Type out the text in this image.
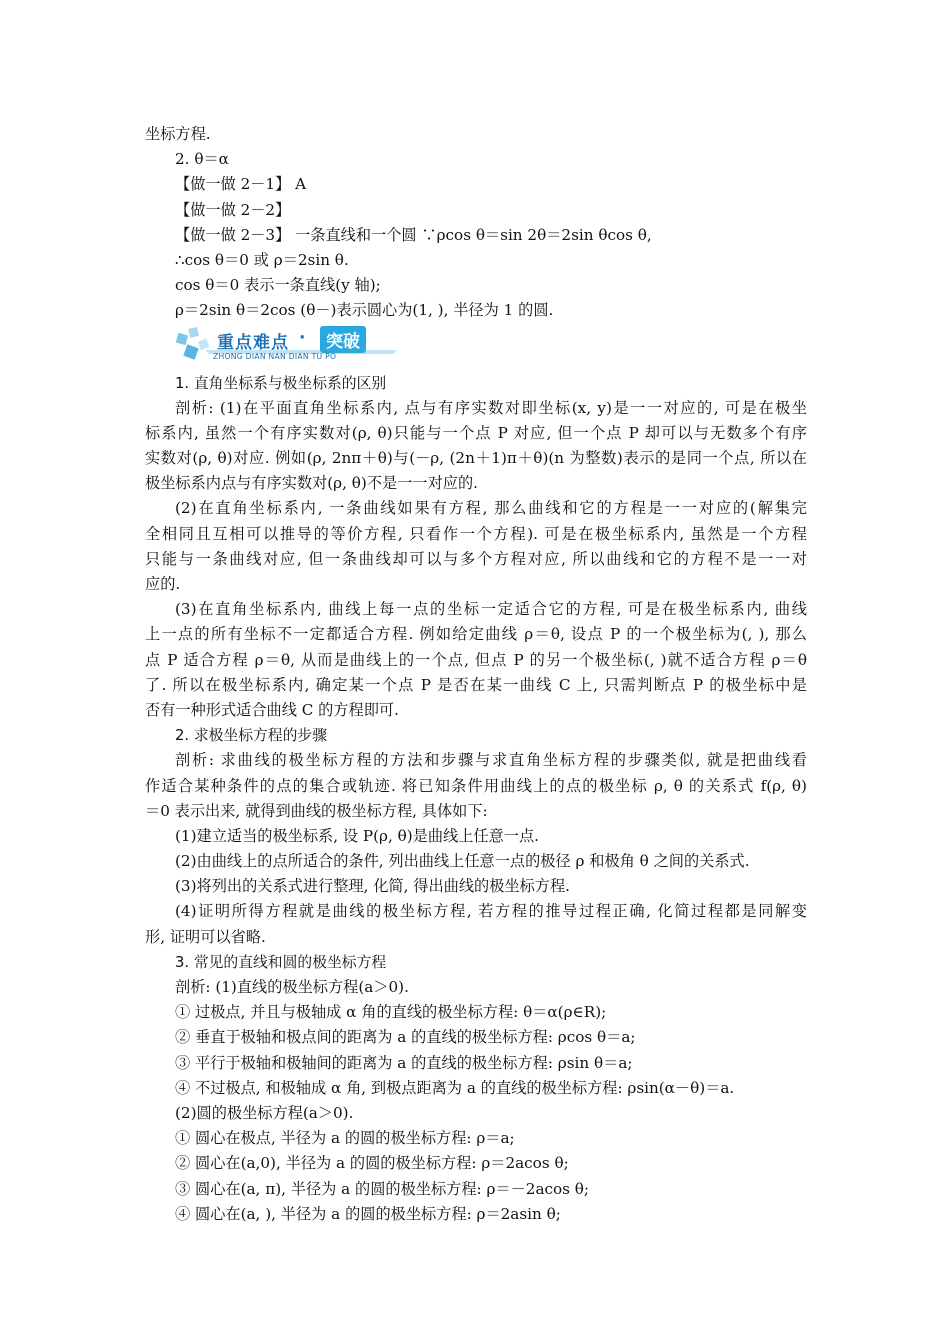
坐标方程.
2. θ＝α
【做一做 2－1】 A
【做一做 2－2】
【做一做 2－3】 一条直线和一个圆 ∵ρcos θ＝sin 2θ＝2sin θcos θ,
∴cos θ＝0 或 ρ＝2sin θ.
cos θ＝0 表示一条直线(y 轴);
ρ＝2sin θ＝2cos (θ－)表示圆心为(1, ), 半径为 1 的圆.
重点难点 ·	突破
ZHONG DIAN NAN DIAN TU PO
1. 直角坐标系与极坐标系的区别
剖析: (1)在平面直角坐标系内, 点与有序实数对即坐标(x, y)是一一对应的, 可是在极坐
标系内, 虽然一个有序实数对(ρ, θ)只能与一个点 P 对应, 但一个点 P 却可以与无数多个有序
实数对(ρ, θ)对应. 例如(ρ, 2nπ＋θ)与(－ρ, (2n＋1)π＋θ)(n 为整数)表示的是同一个点, 所以在
极坐标系内点与有序实数对(ρ, θ)不是一一对应的.
(2)在直角坐标系内, 一条曲线如果有方程, 那么曲线和它的方程是一一对应的(解集完
全相同且互相可以推导的等价方程, 只看作一个方程). 可是在极坐标系内, 虽然是一个方程
只能与一条曲线对应, 但一条曲线却可以与多个方程对应, 所以曲线和它的方程不是一一对
应的.
(3)在直角坐标系内, 曲线上每一点的坐标一定适合它的方程, 可是在极坐标系内, 曲线
上一点的所有坐标不一定都适合方程. 例如给定曲线 ρ＝θ, 设点 P 的一个极坐标为(, ), 那么
点 P 适合方程 ρ＝θ, 从而是曲线上的一个点, 但点 P 的另一个极坐标(, )就不适合方程 ρ＝θ
了. 所以在极坐标系内, 确定某一个点 P 是否在某一曲线 C 上, 只需判断点 P 的极坐标中是
否有一种形式适合曲线 C 的方程即可.
2. 求极坐标方程的步骤
剖析: 求曲线的极坐标方程的方法和步骤与求直角坐标方程的步骤类似, 就是把曲线看
作适合某种条件的点的集合或轨迹. 将已知条件用曲线上的点的极坐标 ρ, θ 的关系式 f(ρ, θ)
＝0 表示出来, 就得到曲线的极坐标方程, 具体如下:
(1)建立适当的极坐标系, 设 P(ρ, θ)是曲线上任意一点.
(2)由曲线上的点所适合的条件, 列出曲线上任意一点的极径 ρ 和极角 θ 之间的关系式.
(3)将列出的关系式进行整理, 化简, 得出曲线的极坐标方程.
(4)证明所得方程就是曲线的极坐标方程, 若方程的推导过程正确, 化简过程都是同解变
形, 证明可以省略.
3. 常见的直线和圆的极坐标方程
剖析: (1)直线的极坐标方程(a＞0).
① 过极点, 并且与极轴成 α 角的直线的极坐标方程: θ＝α(ρ∈R);
② 垂直于极轴和极点间的距离为 a 的直线的极坐标方程: ρcos θ＝a;
③ 平行于极轴和极轴间的距离为 a 的直线的极坐标方程: ρsin θ＝a;
④ 不过极点, 和极轴成 α 角, 到极点距离为 a 的直线的极坐标方程: ρsin(α－θ)＝a.
(2)圆的极坐标方程(a＞0).
① 圆心在极点, 半径为 a 的圆的极坐标方程: ρ＝a;
② 圆心在(a,0), 半径为 a 的圆的极坐标方程: ρ＝2acos θ;
③ 圆心在(a, π), 半径为 a 的圆的极坐标方程: ρ＝－2acos θ;
④ 圆心在(a, ), 半径为 a 的圆的极坐标方程: ρ＝2asin θ;
